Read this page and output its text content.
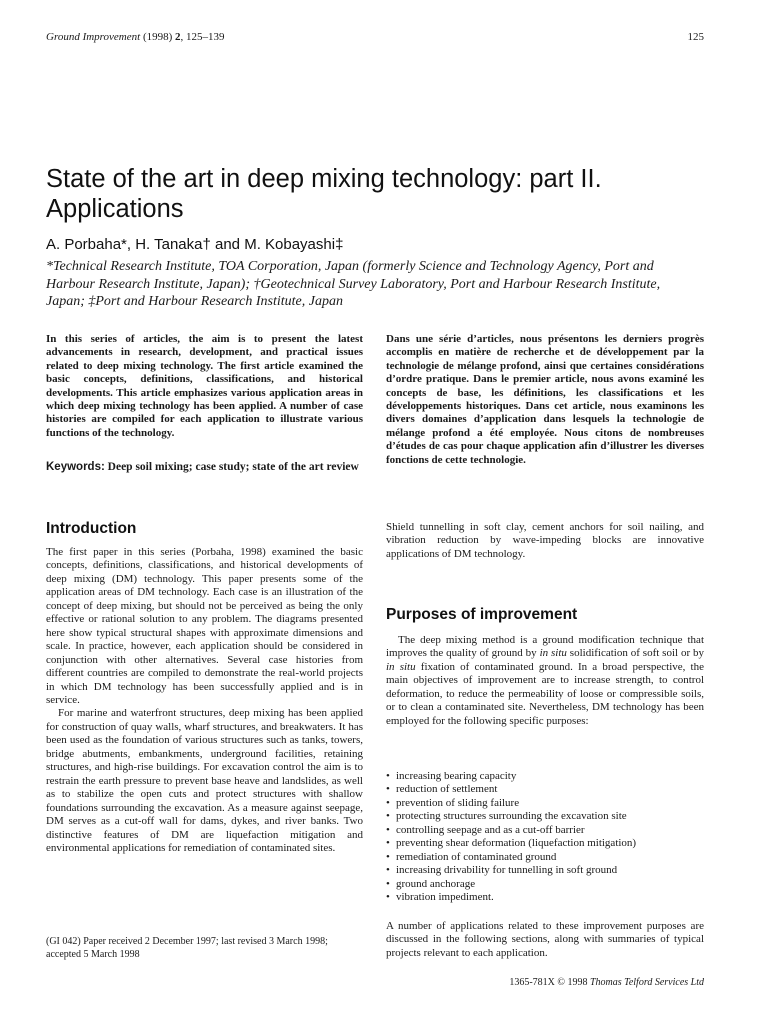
Ground Improvement (1998) 2, 125–139	125
State of the art in deep mixing technology: part II. Applications
A. Porbaha*, H. Tanaka† and M. Kobayashi‡
*Technical Research Institute, TOA Corporation, Japan (formerly Science and Technology Agency, Port and Harbour Research Institute, Japan); †Geotechnical Survey Laboratory, Port and Harbour Research Institute, Japan; ‡Port and Harbour Research Institute, Japan

In this series of articles, the aim is to present the latest advancements in research, development, and practical issues related to deep mixing technology. The first article examined the basic concepts, definitions, classifications, and historical developments. This article emphasizes various application areas in which deep mixing technology has been applied. A number of case histories are compiled for each application to illustrate various functions of the technology.

Dans une série d’articles, nous présentons les derniers progrès accomplis en matière de recherche et de développement par la technologie de mélange profond, ainsi que certaines considérations d’ordre pratique. Dans le premier article, nous avons examiné les concepts de base, les définitions, les classifications et les développements historiques. Dans cet article, nous examinons les divers domaines d’application dans lesquels la technologie de mélange profond a été employée. Nous citons de nombreuses d’études de cas pour chaque application afin d’illustrer les diverses fonctions de cette technologie.

Keywords: Deep soil mixing; case study; state of the art review

Introduction

The first paper in this series (Porbaha, 1998) examined the basic concepts, definitions, classifications, and historical developments of deep mixing (DM) technology. This paper presents some of the application areas of DM technology. Each case is an illustration of the concept of deep mixing, but should not be perceived as being the only effective or rational solution to any problem. The diagrams presented here show typical structural shapes with approximate dimensions and scale. In practice, however, each application should be considered in conjunction with other alternatives. Several case histories from different countries are compiled to demonstrate the real-world projects in which DM technology has been successfully applied and is in service.

For marine and waterfront structures, deep mixing has been applied for construction of quay walls, wharf structures, and breakwaters. It has been used as the foundation of various structures such as tanks, towers, bridge abutments, embankments, underground facilities, retaining structures, and high-rise buildings. For excavation control the aim is to restrain the earth pressure to prevent base heave and landslides, as well as to stabilize the open cuts and protect structures with shallow foundations surrounding the excavation. As a measure against seepage, DM serves as a cut-off wall for dams, dykes, and river banks. Two distinctive features of DM are liquefaction mitigation and environmental applications for remediation of contaminated sites.

Shield tunnelling in soft clay, cement anchors for soil nailing, and vibration reduction by wave-impeding blocks are innovative applications of DM technology.

Purposes of improvement

The deep mixing method is a ground modification technique that improves the quality of ground by in situ solidification of soft soil or by in situ fixation of contaminated ground. In a broad perspective, the main objectives of improvement are to increase strength, to control deformation, to reduce the permeability of loose or compressible soils, or to clean a contaminated site. Nevertheless, DM technology has been employed for the following specific purposes:

• increasing bearing capacity
• reduction of settlement
• prevention of sliding failure
• protecting structures surrounding the excavation site
• controlling seepage and as a cut-off barrier
• preventing shear deformation (liquefaction mitigation)
• remediation of contaminated ground
• increasing drivability for tunnelling in soft ground
• ground anchorage
• vibration impediment.

A number of applications related to these improvement purposes are discussed in the following sections, along with summaries of typical projects relevant to each application.

(GI 042) Paper received 2 December 1997; last revised 3 March 1998; accepted 5 March 1998

1365-781X © 1998 Thomas Telford Services Ltd
